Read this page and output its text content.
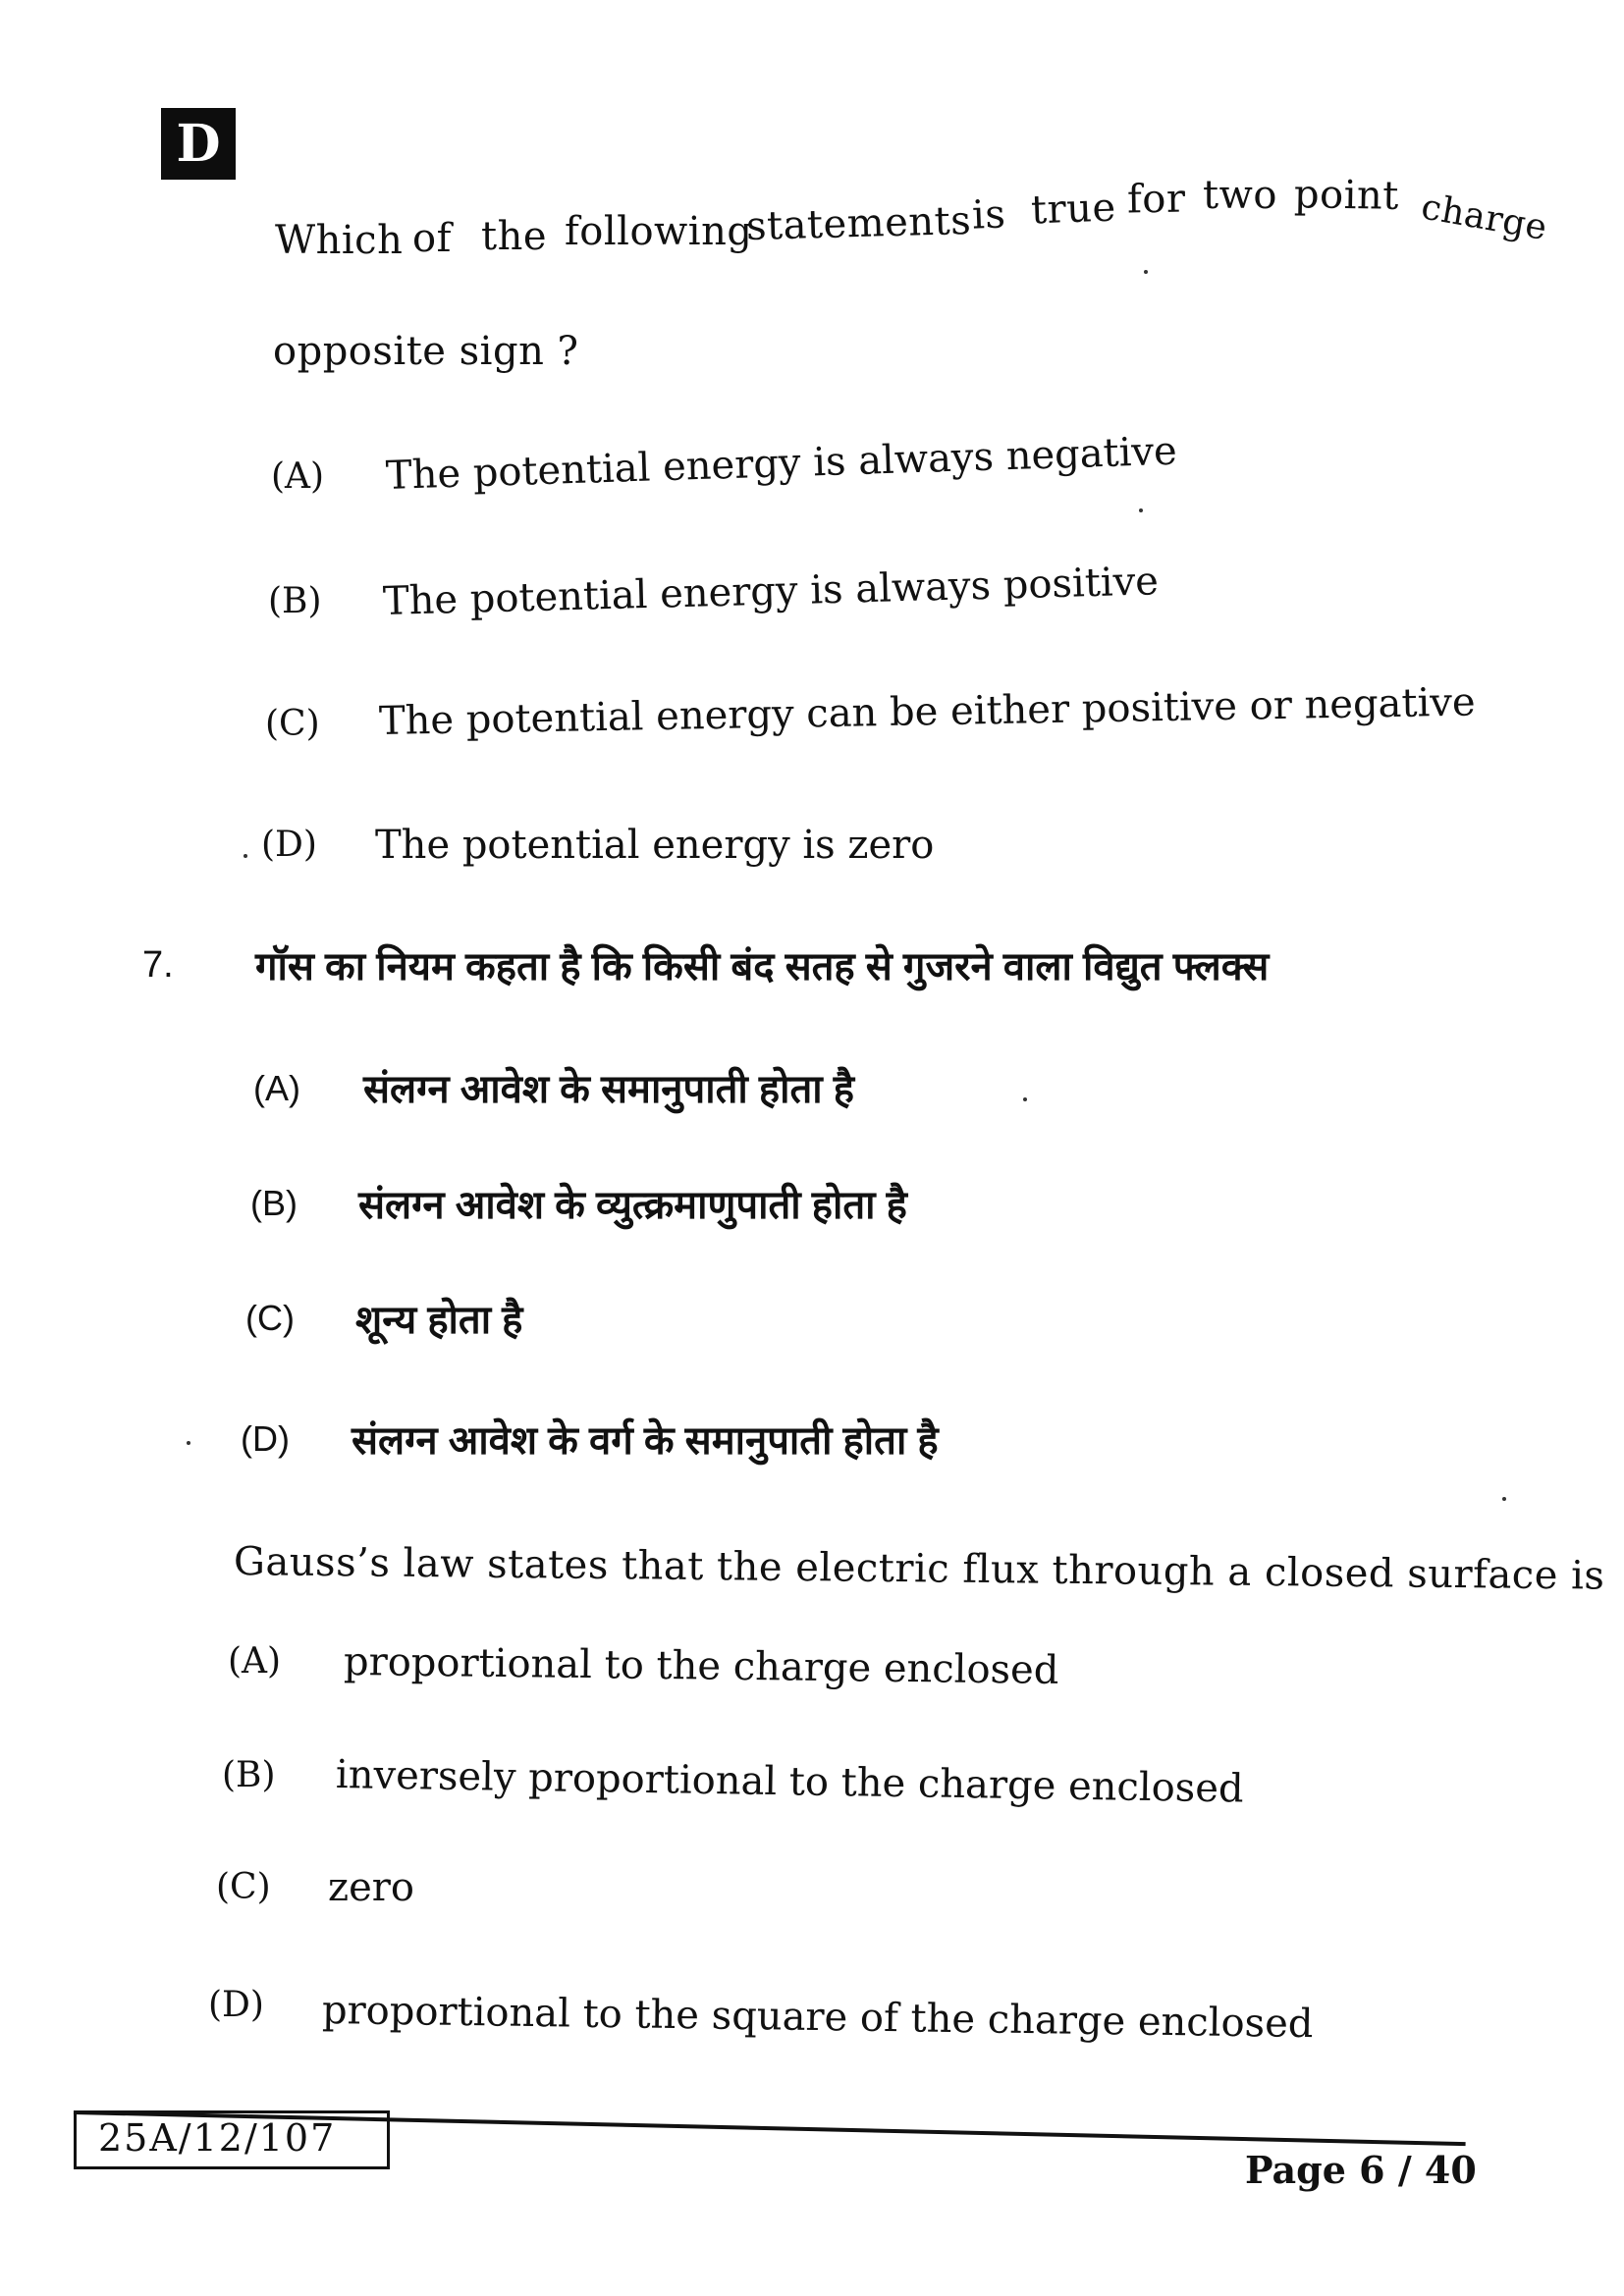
D
Which of the following
statements is true for two point charge
opposite sign ?
(A) The potential energy is always negative
(B) The potential energy is always positive
(C) The potential energy can be either positive or negative
(D) The potential energy is zero
7. गॉस का नियम कहता है कि किसी बंद सतह से गुजरने वाला विद्युत फ्लक्स
(A) संलग्न आवेश के समानुपाती होता है
(B) संलग्न आवेश के व्युत्क्रमाणुपाती होता है
(C) शून्य होता है
(D) संलग्न आवेश के वर्ग के समानुपाती होता है
Gauss’s law states that the electric flux through a closed surface is
(A) proportional to the charge enclosed
(B) inversely proportional to the charge enclosed
(C) zero
(D) proportional to the square of the charge enclosed
25A/12/107
Page 6 / 40
